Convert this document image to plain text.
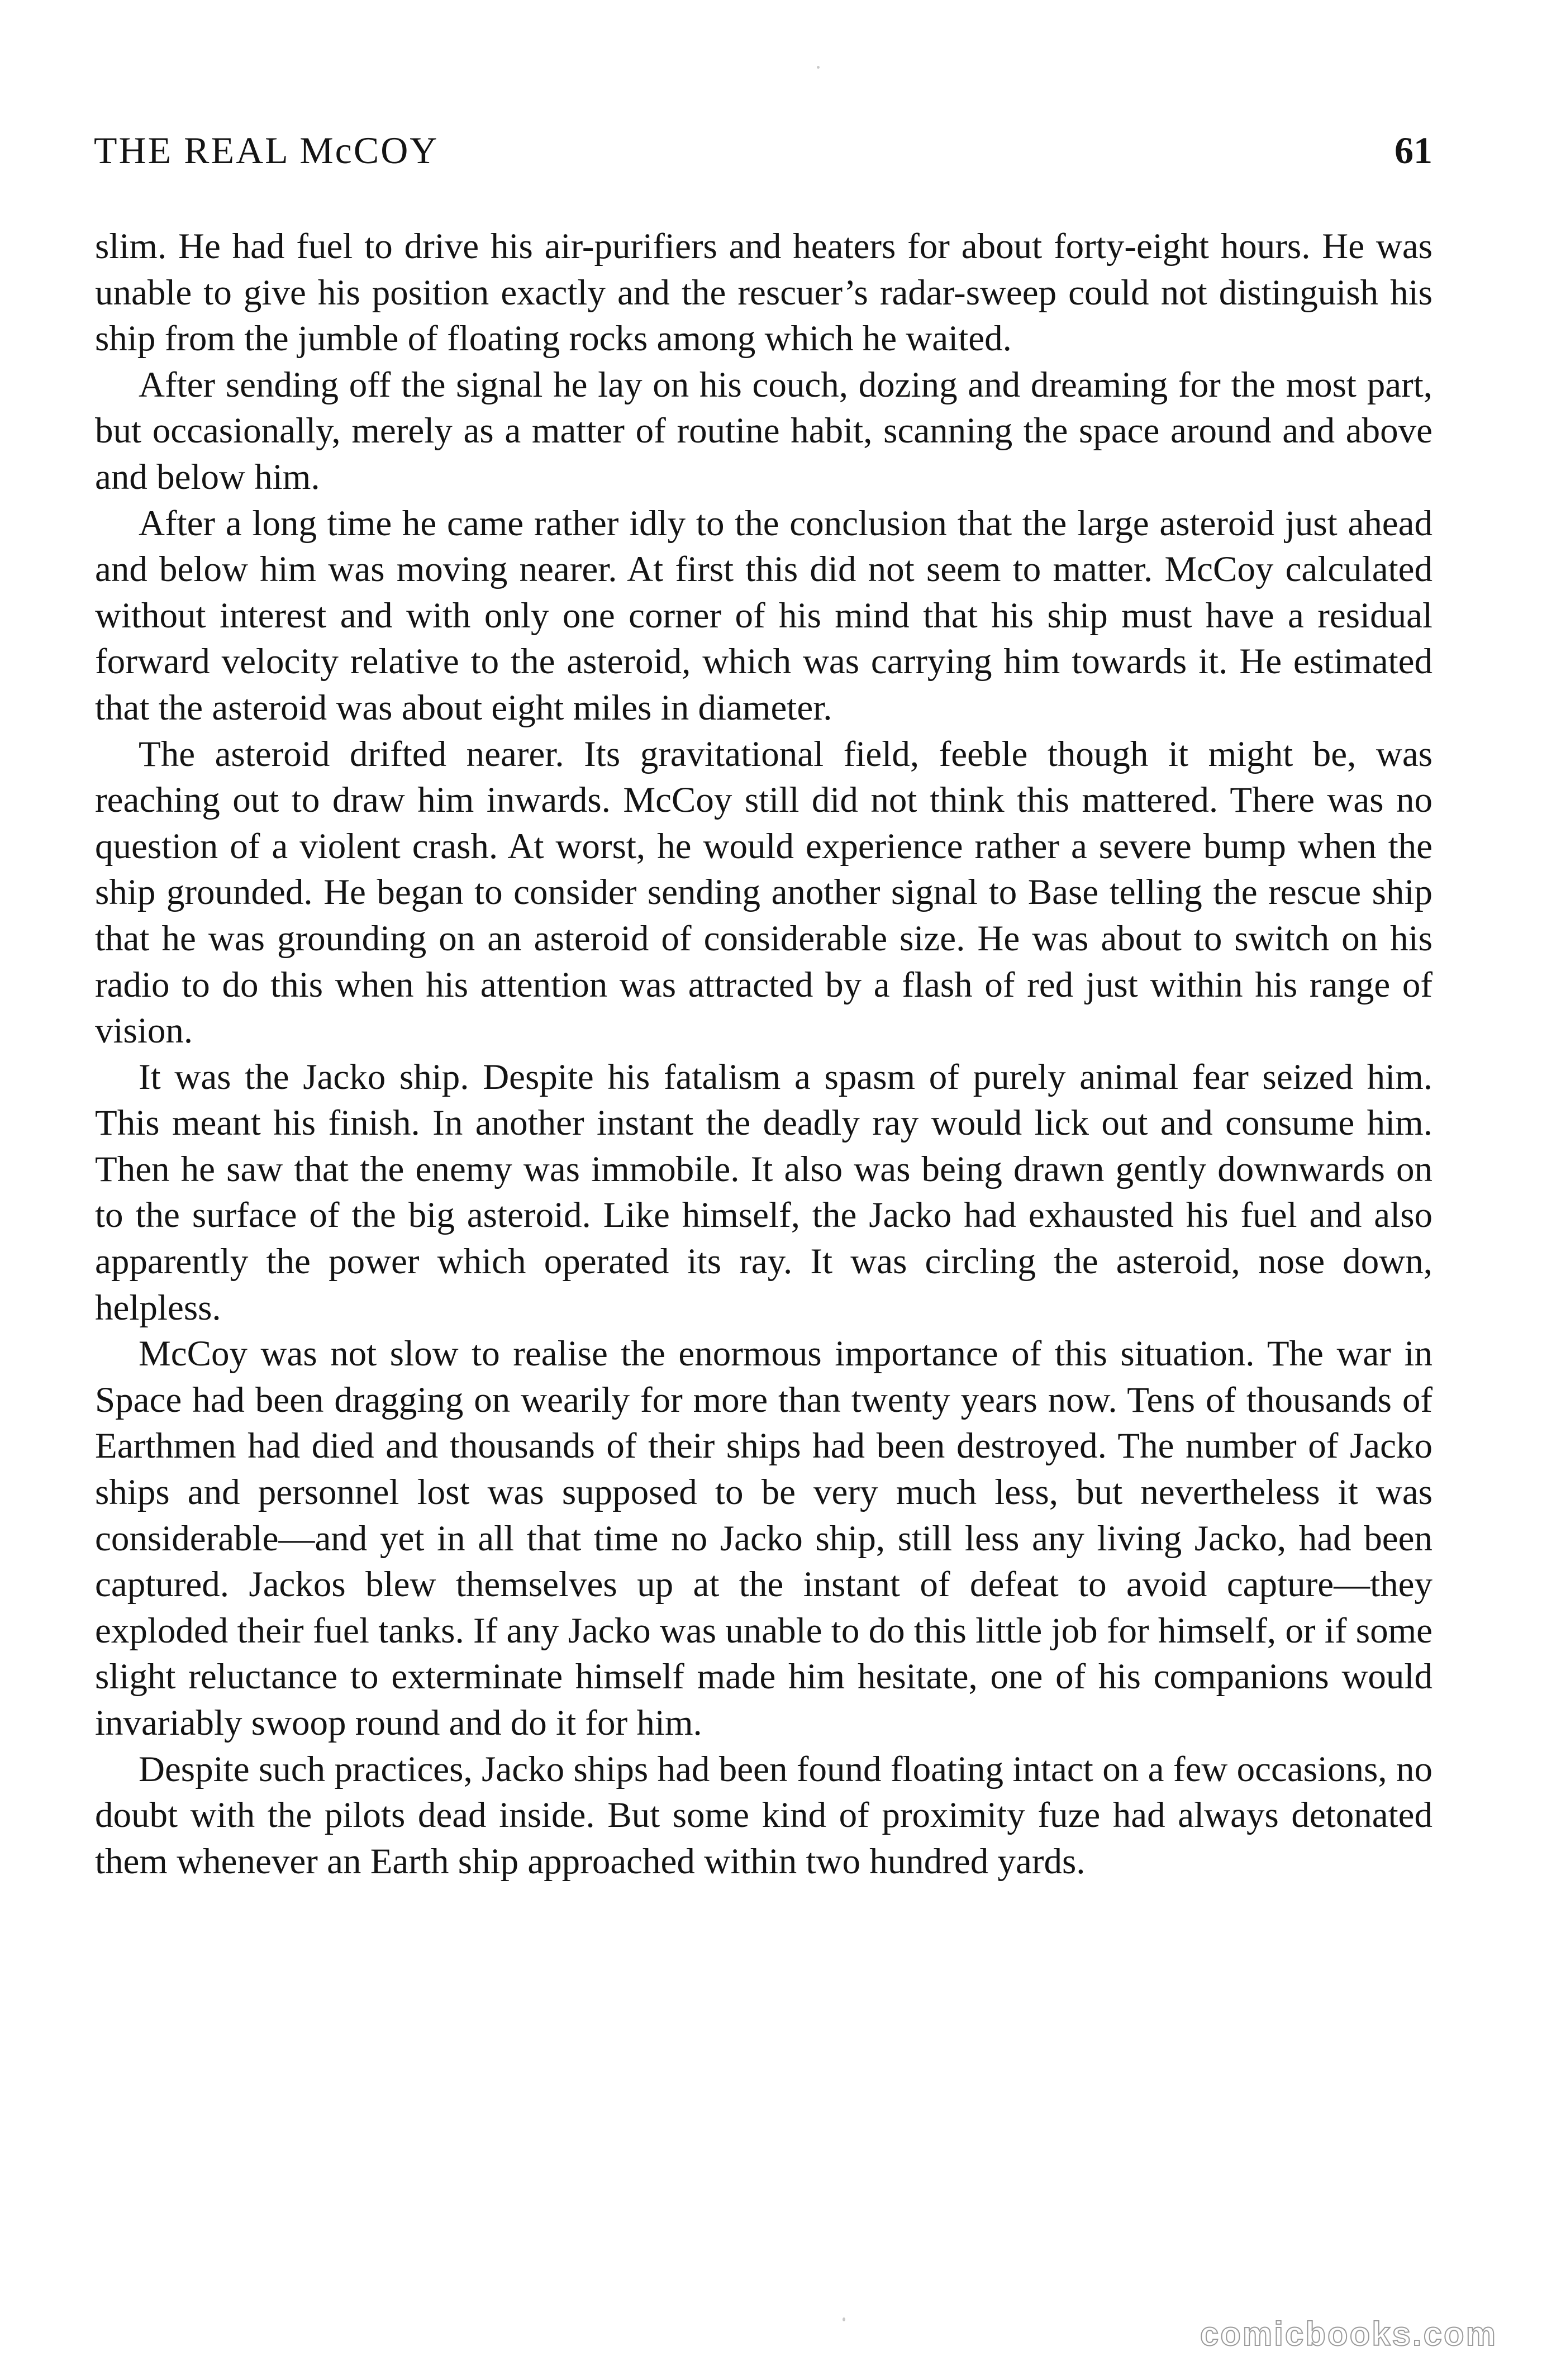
THE REAL McCOY	61

slim. He had fuel to drive his air-purifiers and heaters for about forty-eight hours. He was unable to give his position exactly and the rescuer’s radar-sweep could not distinguish his ship from the jumble of floating rocks among which he waited.

After sending off the signal he lay on his couch, dozing and dreaming for the most part, but occasionally, merely as a matter of routine habit, scanning the space around and above and below him.

After a long time he came rather idly to the conclusion that the large asteroid just ahead and below him was moving nearer. At first this did not seem to matter. McCoy calculated without interest and with only one corner of his mind that his ship must have a residual forward velocity relative to the asteroid, which was carrying him towards it. He estimated that the asteroid was about eight miles in diameter.

The asteroid drifted nearer. Its gravitational field, feeble though it might be, was reaching out to draw him inwards. McCoy still did not think this mattered. There was no question of a violent crash. At worst, he would experience rather a severe bump when the ship grounded. He began to consider sending another signal to Base telling the rescue ship that he was grounding on an asteroid of considerable size. He was about to switch on his radio to do this when his attention was attracted by a flash of red just within his range of vision.

It was the Jacko ship. Despite his fatalism a spasm of purely animal fear seized him. This meant his finish. In another instant the deadly ray would lick out and consume him. Then he saw that the enemy was immobile. It also was being drawn gently downwards on to the surface of the big asteroid. Like himself, the Jacko had exhausted his fuel and also apparently the power which operated its ray. It was circling the asteroid, nose down, helpless.

McCoy was not slow to realise the enormous importance of this situation. The war in Space had been dragging on wearily for more than twenty years now. Tens of thousands of Earthmen had died and thousands of their ships had been destroyed. The number of Jacko ships and personnel lost was supposed to be very much less, but nevertheless it was considerable—and yet in all that time no Jacko ship, still less any living Jacko, had been captured. Jackos blew themselves up at the instant of defeat to avoid capture—they exploded their fuel tanks. If any Jacko was unable to do this little job for himself, or if some slight reluctance to exterminate himself made him hesitate, one of his companions would invariably swoop round and do it for him.

Despite such practices, Jacko ships had been found floating intact on a few occasions, no doubt with the pilots dead inside. But some kind of proximity fuze had always detonated them whenever an Earth ship approached within two hundred yards.

comicbooks.com
